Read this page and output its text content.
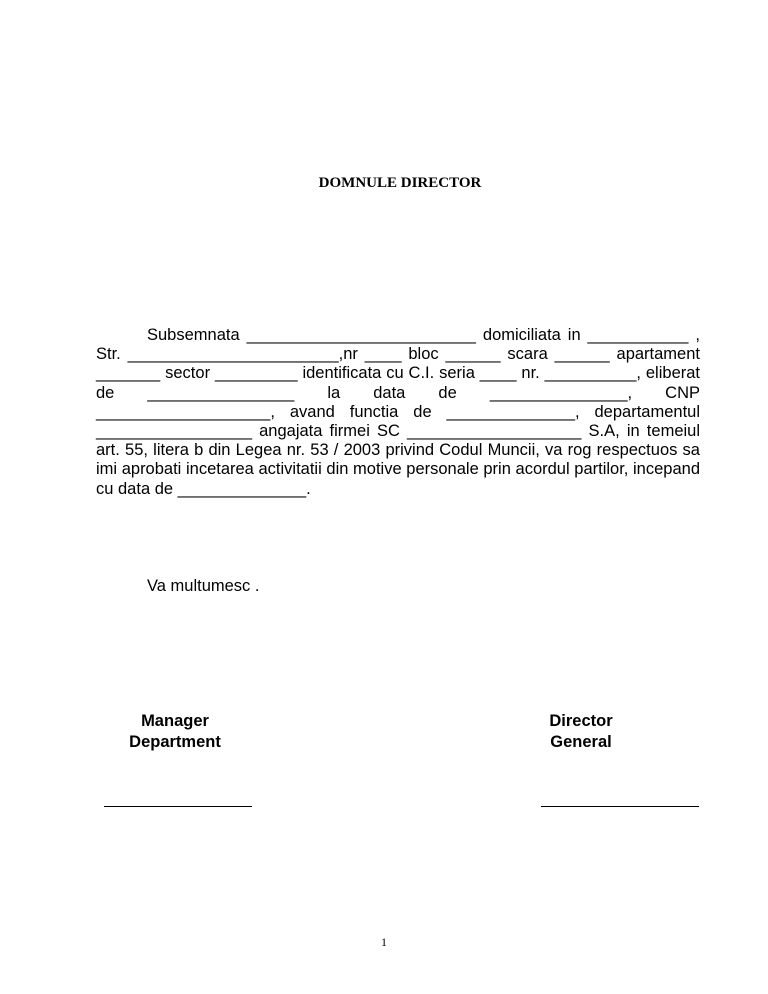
DOMNULE DIRECTOR

Subsemnata _________________________ domiciliata in ___________ , Str. _______________________,nr ____ bloc ______ scara ______ apartament _______ sector _________ identificata cu C.I. seria ____ nr. __________, eliberat de ________________ la data de _______________, CNP ___________________, avand functia de ______________, departamentul _________________ angajata firmei SC ___________________ S.A, in temeiul art. 55, litera b din Legea nr. 53 / 2003 privind Codul Muncii, va rog respectuos sa imi aprobati incetarea activitatii din motive personale prin acordul partilor, incepand cu data de ______________.

Va multumesc .
Manager
Department
Director
General
1
